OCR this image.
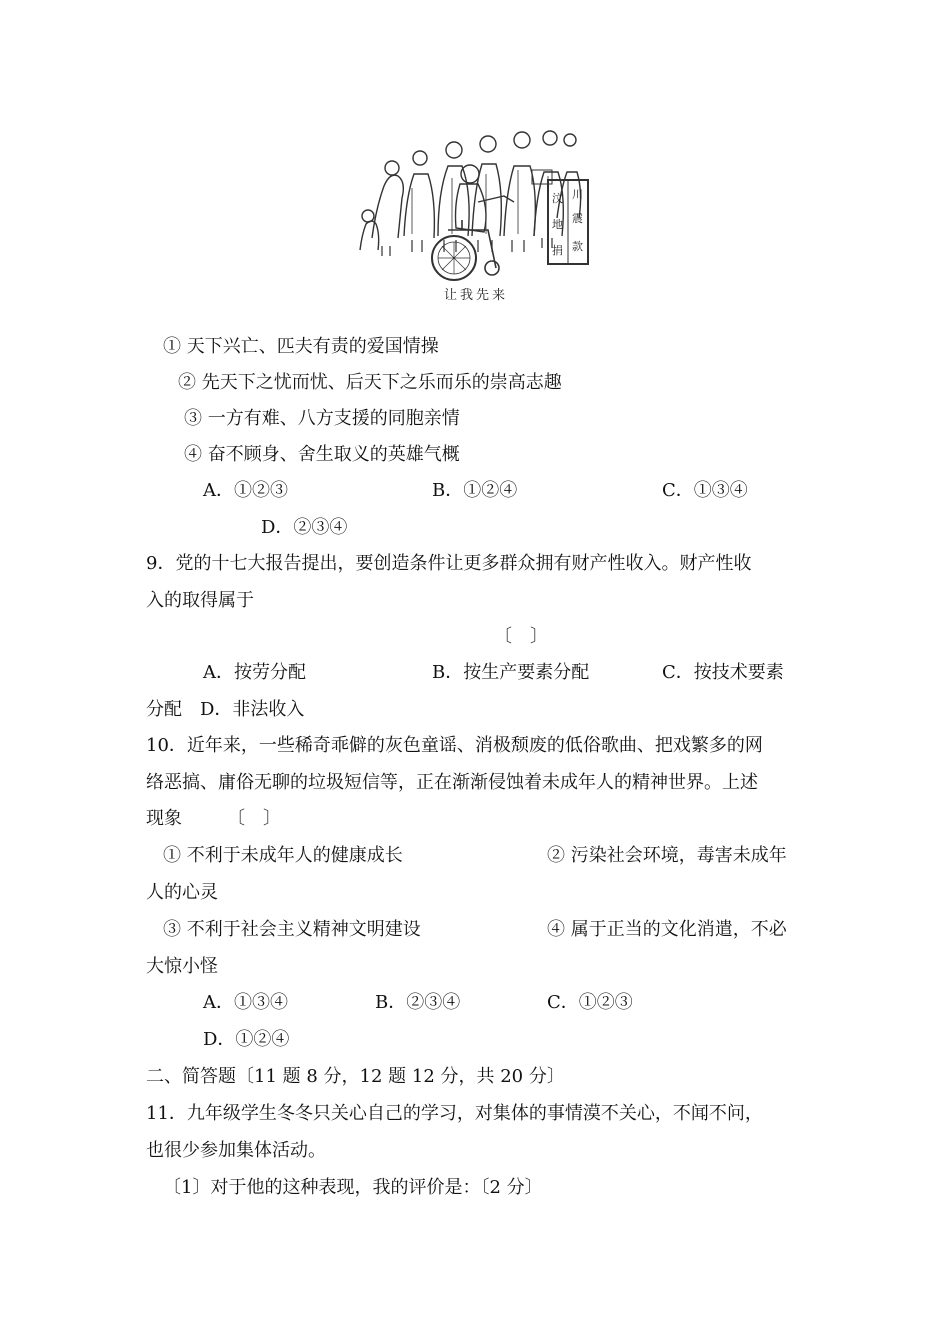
川
汶
震
地
捐 款
让我先来
① 天下兴亡、匹夫有责的爱国情操
② 先天下之忧而忧、后天下之乐而乐的崇高志趣
③ 一方有难、八方支援的同胞亲情
④ 奋不顾身、舍生取义的英雄气概
A．①②③	B．①②④	C．①③④
D．②③④
9．党的十七大报告提出，要创造条件让更多群众拥有财产性收入。财产性收
入的取得属于
〔　〕
A．按劳分配	B．按生产要素分配	C．按技术要素
分配　D．非法收入
10．近年来，一些稀奇乖僻的灰色童谣、消极颓废的低俗歌曲、把戏繁多的网
络恶搞、庸俗无聊的垃圾短信等，正在渐渐侵蚀着未成年人的精神世界。上述
现象　　　〔　〕
① 不利于未成年人的健康成长	② 污染社会环境，毒害未成年
人的心灵
③ 不利于社会主义精神文明建设	④ 属于正当的文化消遣，不必
大惊小怪
A．①③④	B．②③④	C．①②③
D．①②④
二、简答题〔11 题 8 分，12 题 12 分，共 20 分〕
11．九年级学生冬冬只关心自己的学习，对集体的事情漠不关心，不闻不问，
也很少参加集体活动。
〔1〕对于他的这种表现，我的评价是：〔2 分〕
